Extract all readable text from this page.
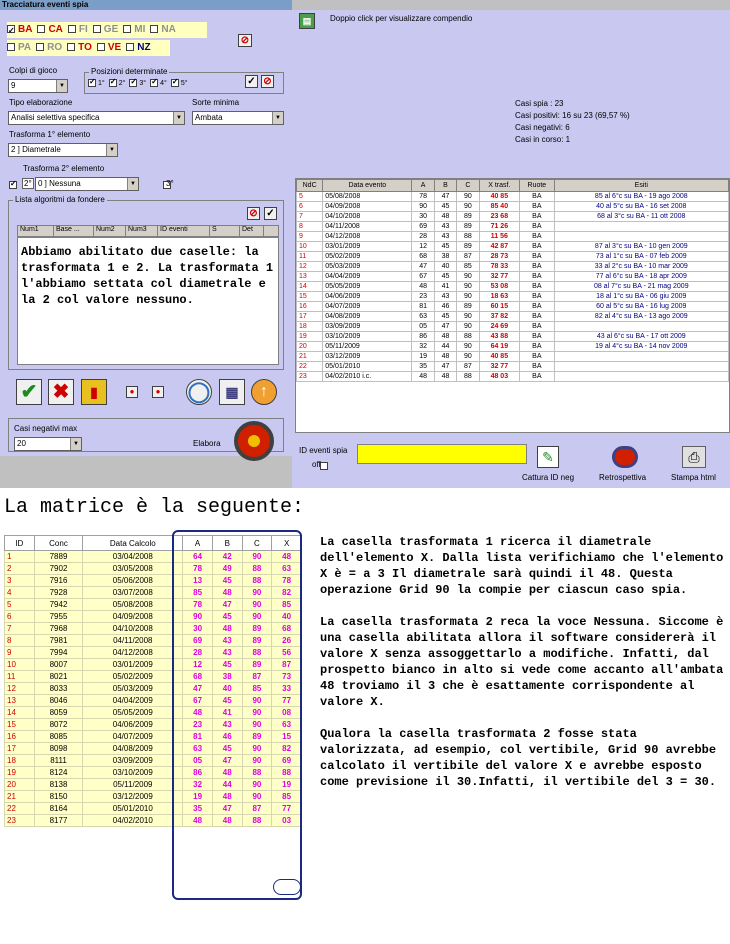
Tracciatura eventi spia
✓BA CA FI GE MI NA
PA RO TO VE NZ
⊘
Colpi di gioco
9	▼
Posizioni determinate
✓1° ✓ 2° ✓ 3° ✓ 4° ✓ 5°	✓ ⊘
Tipo elaborazione
Analisi selettiva specifica	▼
Sorte minima
Ambata	▼
Trasforma 1° elemento
2 ] Diametrale	▼
Trasforma 2° elemento
✓
2° 0 ] Nessuna	▼
	3°
Lista algoritmi da fondere
⊘ ✓
Num1	Base ...	Num2	Num3	ID eventi	S	Det
Abbiamo abilitato due caselle: la trasformata 1 e 2. La trasformata 1 l'abbiamo settata col diametrale e la 2 col valore nessuno.
✔ ✖	▮	●	● ◯	▦	↑
Casi negativi max
20	▼	Elabora
▤	Doppio click per visualizzare compendio
Casi spia : 23
Casi positivi: 16 su 23 (69,57 %)
Casi negativi: 6
Casi in corso: 1
NdC	Data evento	A	B	C	X trasf.	Ruote	Esiti
5	05/08/2008	78	47	90	40 85	BA	85 al 6°c su BA - 19 ago 2008
6	04/09/2008	90	45	90	85 40	BA	40 al 5°c su BA - 16 set 2008
7	04/10/2008	30	48	89	23 68	BA	68 al 3°c su BA - 11 ott 2008
8	04/11/2008	69	43	89	71 26	BA	
9	04/12/2008	28	43	88	11 56	BA	
10	03/01/2009	12	45	89	42 87	BA	87 al 3°c su BA - 10 gen 2009
11	05/02/2009	68	38	87	28 73	BA	73 al 1°c su BA - 07 feb 2009
12	05/03/2009	47	40	85	78 33	BA	33 al 2°c su BA - 10 mar 2009
13	04/04/2009	67	45	90	32 77	BA	77 al 6°c su BA - 18 apr 2009
14	05/05/2009	48	41	90	53 08	BA	08 al 7°c su BA - 21 mag 2009
15	04/06/2009	23	43	90	18 63	BA	18 al 1°c su BA - 06 giu 2009
16	04/07/2009	81	46	89	60 15	BA	60 al 5°c su BA - 16 lug 2009
17	04/08/2009	63	45	90	37 82	BA	82 al 4°c su BA - 13 ago 2009
18	03/09/2009	05	47	90	24 69	BA	
19	03/10/2009	86	48	88	43 88	BA	43 al 6°c su BA - 17 ott 2009
20	05/11/2009	32	44	90	64 19	BA	19 al 4°c su BA - 14 nov 2009
21	03/12/2009	19	48	90	40 85	BA	
22	05/01/2010	35	47	87	32 77	BA	
23	04/02/2010 i.c.	48	48	88	48 03	BA	
ID eventi spia
off	✎
Cattura ID neg	Retrospettiva
⎙
Stampa html
La matrice è la seguente:
ID	Conc	Data Calcolo	A	B	C	X
1	7889	03/04/2008	64	42	90	48
2	7902	03/05/2008	78	49	88	63
3	7916	05/06/2008	13	45	88	78
4	7928	03/07/2008	85	48	90	82
5	7942	05/08/2008	78	47	90	85
6	7955	04/09/2008	90	45	90	40
7	7968	04/10/2008	30	48	89	68
8	7981	04/11/2008	69	43	89	26
9	7994	04/12/2008	28	43	88	56
10	8007	03/01/2009	12	45	89	87
11	8021	05/02/2009	68	38	87	73
12	8033	05/03/2009	47	40	85	33
13	8046	04/04/2009	67	45	90	77
14	8059	05/05/2009	48	41	90	08
15	8072	04/06/2009	23	43	90	63
16	8085	04/07/2009	81	46	89	15
17	8098	04/08/2009	63	45	90	82
18	8111	03/09/2009	05	47	90	69
19	8124	03/10/2009	86	48	88	88
20	8138	05/11/2009	32	44	90	19
21	8150	03/12/2009	19	48	90	85
22	8164	05/01/2010	35	47	87	77
23	8177	04/02/2010	48	48	88	03

La casella trasformata 1 ricerca il diametrale dell'elemento X. Dalla lista verifichiamo che l'elemento X è = a 3 Il diametrale sarà quindi il 48. Questa operazione Grid 90 la compie per ciascun caso spia.

La casella trasformata 2 reca la voce Nessuna. Siccome è una casella abilitata allora il software considererà il valore X senza assoggettarlo a modifiche. Infatti, dal prospetto bianco in alto si vede come accanto all'ambata 48 troviamo il 3 che è esattamente corrispondente al valore X.

Qualora la casella trasformata 2 fosse stata valorizzata, ad esempio, col vertibile, Grid 90 avrebbe calcolato il vertibile del valore X e avrebbe esposto come previsione il 30.Infatti, il vertibile del 3 = 30.
